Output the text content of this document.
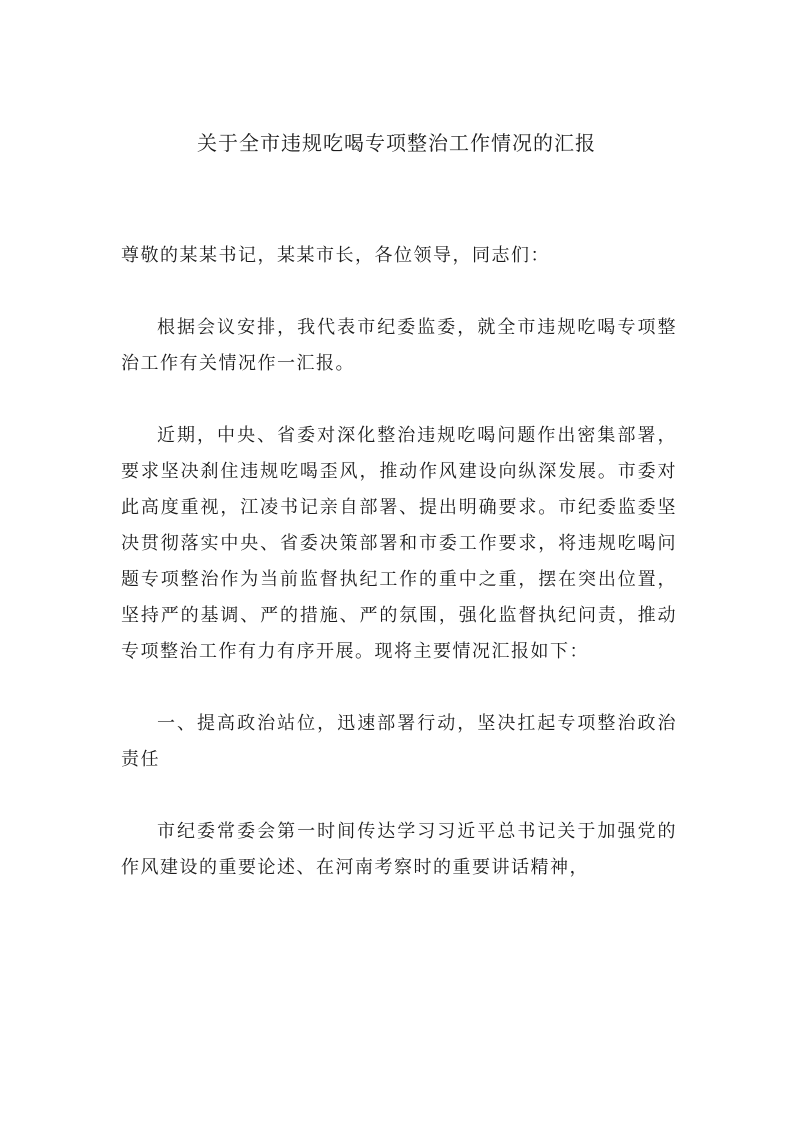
关于全市违规吃喝专项整治工作情况的汇报

尊敬的某某书记，某某市长，各位领导，同志们：

根据会议安排，我代表市纪委监委，就全市违规吃喝专项整治工作有关情况作一汇报。

近期，中央、省委对深化整治违规吃喝问题作出密集部署，要求坚决刹住违规吃喝歪风，推动作风建设向纵深发展。市委对此高度重视，江凌书记亲自部署、提出明确要求。市纪委监委坚决贯彻落实中央、省委决策部署和市委工作要求，将违规吃喝问题专项整治作为当前监督执纪工作的重中之重，摆在突出位置，坚持严的基调、严的措施、严的氛围，强化监督执纪问责，推动专项整治工作有力有序开展。现将主要情况汇报如下：

一、提高政治站位，迅速部署行动，坚决扛起专项整治政治责任

市纪委常委会第一时间传达学习习近平总书记关于加强党的作风建设的重要论述、在河南考察时的重要讲话精神，
